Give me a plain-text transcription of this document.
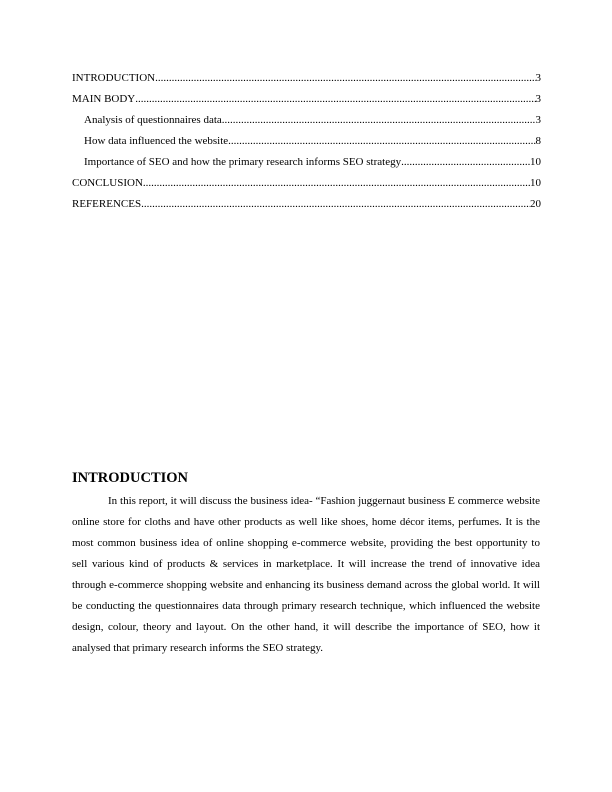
INTRODUCTION .....	3
MAIN BODY .....	3
Analysis of questionnaires data .....	3
How data influenced the website .....	8
Importance of SEO and how the primary research informs SEO strategy .....	10
CONCLUSION .....	10
REFERENCES .....	20
INTRODUCTION

In this report, it will discuss the business idea- “Fashion juggernaut business E commerce website online store for cloths and have other products as well like shoes, home décor items, perfumes. It is the most common business idea of online shopping e-commerce website, providing the best opportunity to sell various kind of products & services in marketplace. It will increase the trend of innovative idea through e-commerce shopping website and enhancing its business demand across the global world. It will be conducting the questionnaires data through primary research technique, which influenced the website design, colour, theory and layout. On the other hand, it will describe the importance of SEO, how it analysed that primary research informs the SEO strategy.
